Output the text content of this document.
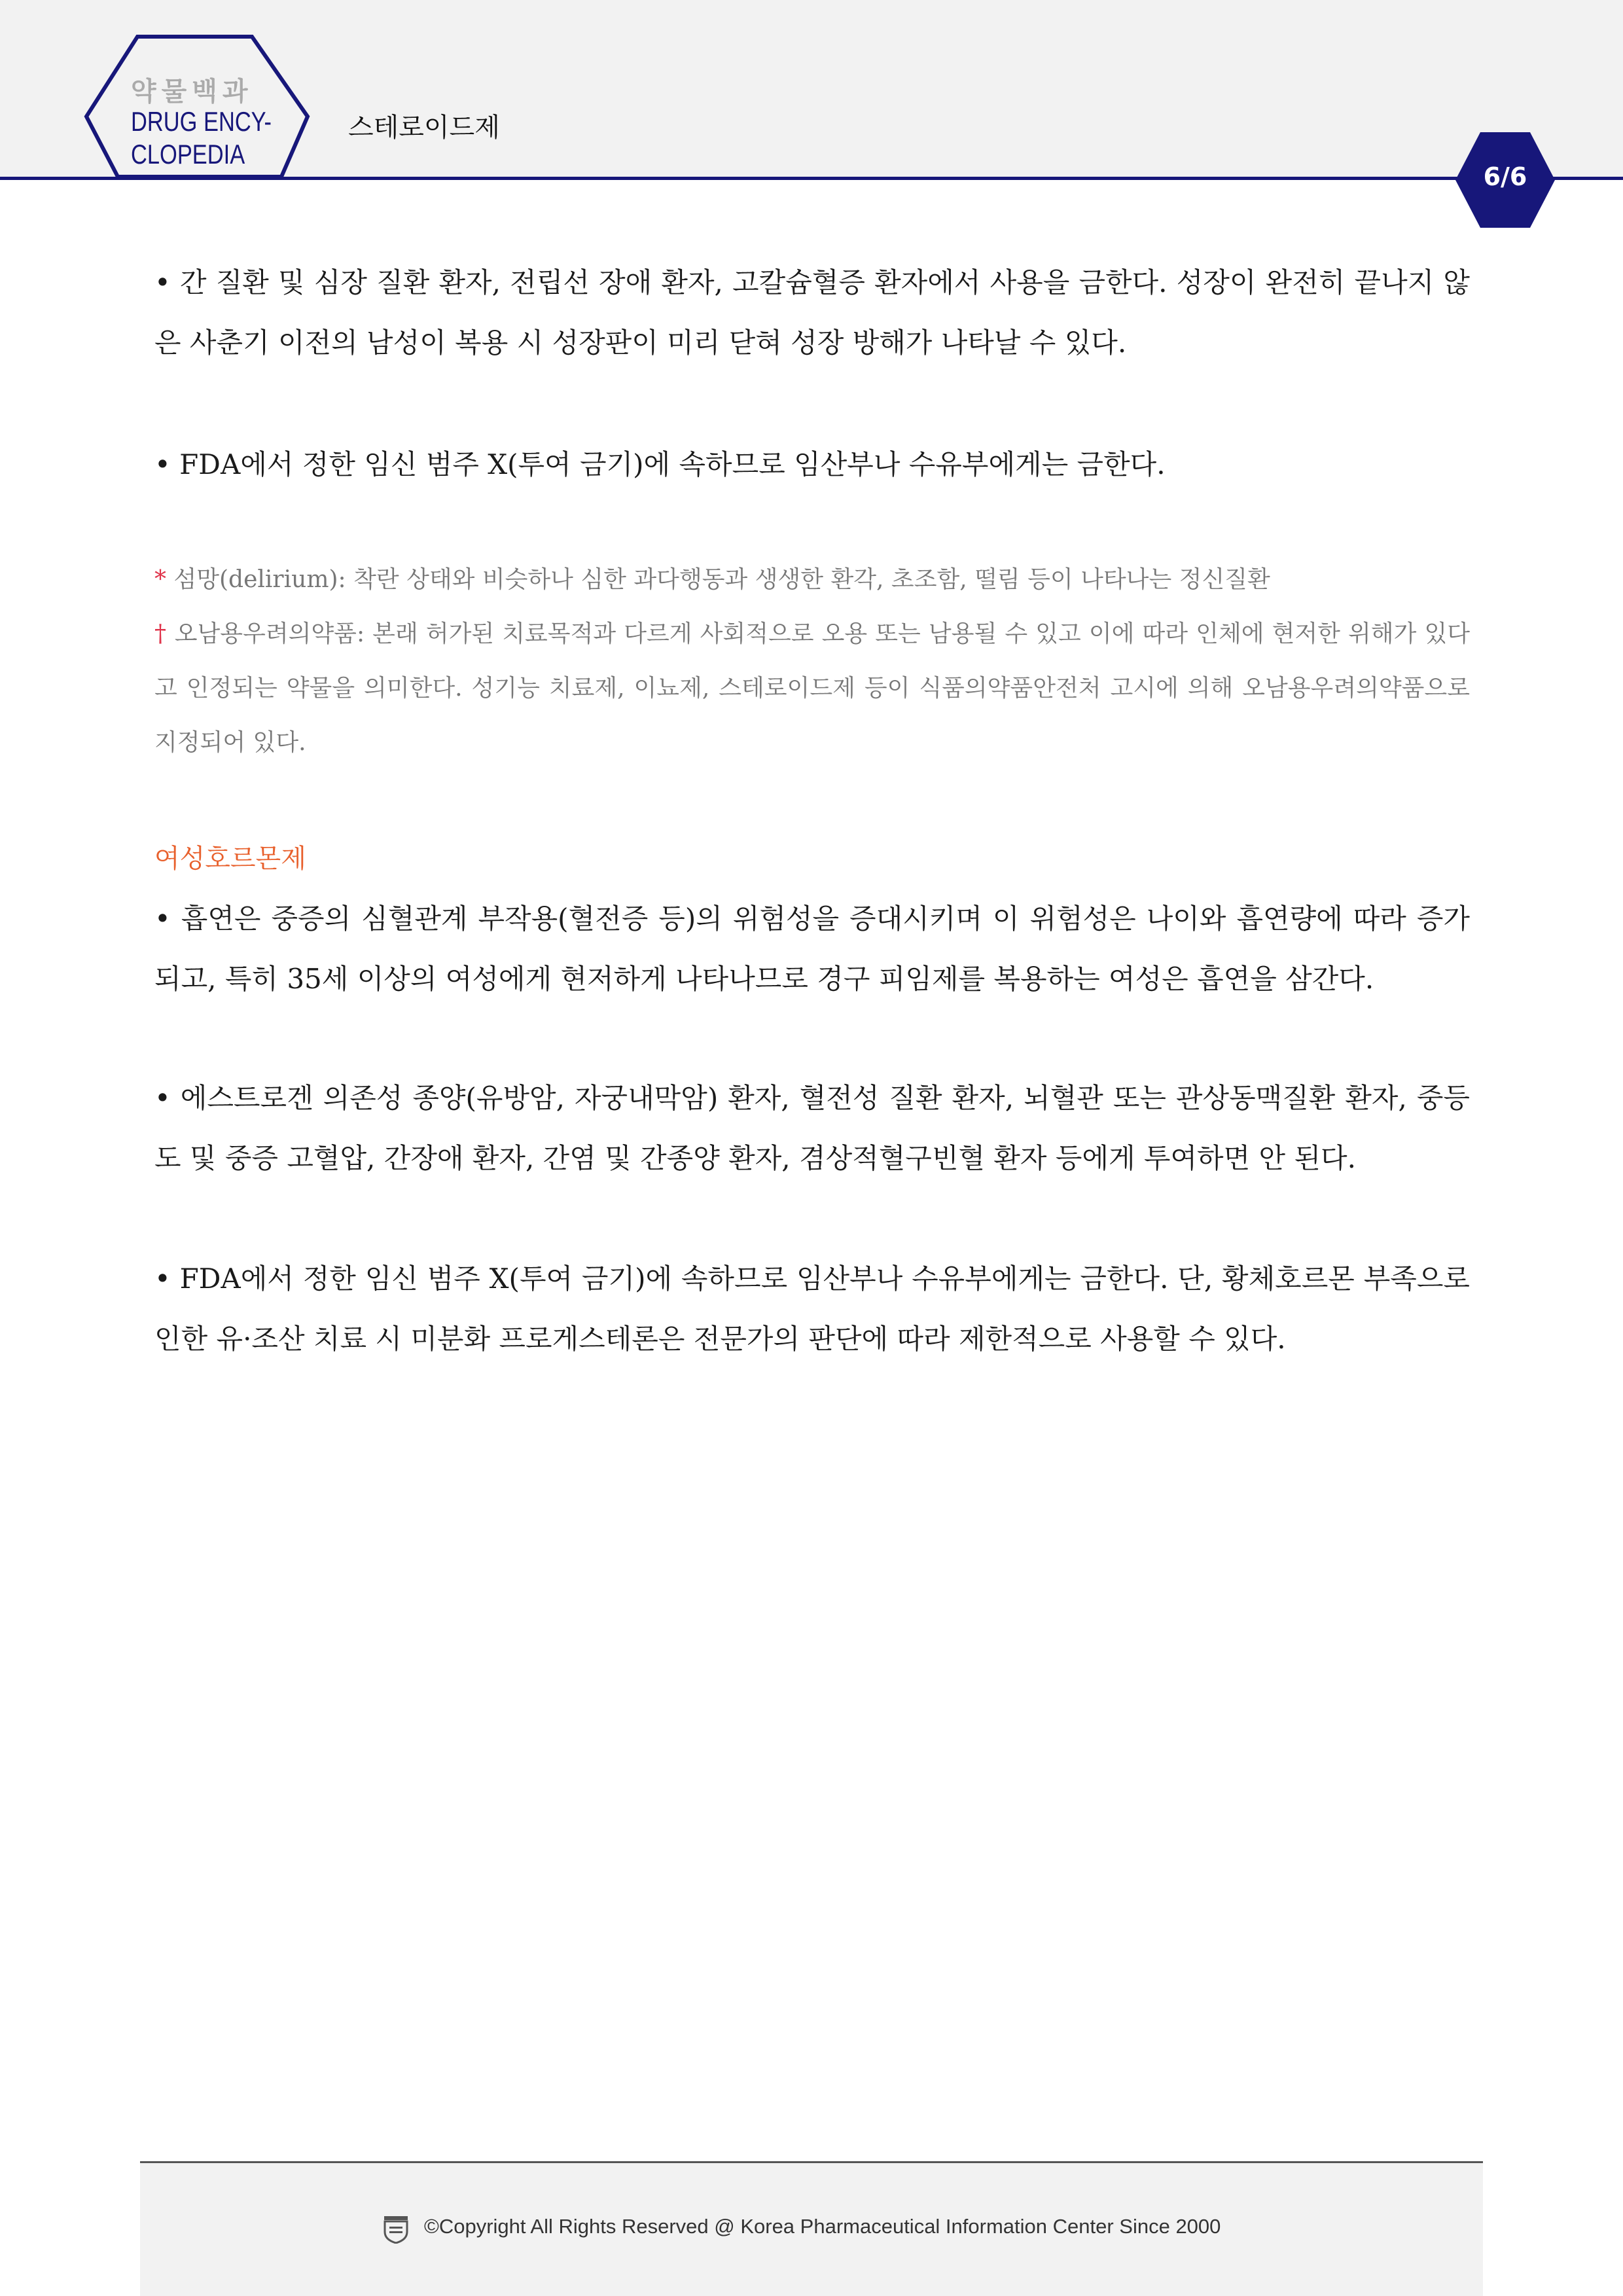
약물백과
DRUG ENCY-
CLOPEDIA
스테로이드제
6/6
• 간 질환 및 심장 질환 환자, 전립선 장애 환자, 고칼슘혈증 환자에서 사용을 금한다. 성장이 완전히 끝나지 않은 사춘기 이전의 남성이 복용 시 성장판이 미리 닫혀 성장 방해가 나타날 수 있다.
• FDA에서 정한 임신 범주 X(투여 금기)에 속하므로 임산부나 수유부에게는 금한다.
* 섬망(delirium): 착란 상태와 비슷하나 심한 과다행동과 생생한 환각, 초조함, 떨림 등이 나타나는 정신질환
† 오남용우려의약품: 본래 허가된 치료목적과 다르게 사회적으로 오용 또는 남용될 수 있고 이에 따라 인체에 현저한 위해가 있다고 인정되는 약물을 의미한다. 성기능 치료제, 이뇨제, 스테로이드제 등이 식품의약품안전처 고시에 의해 오남용우려의약품으로 지정되어 있다.
여성호르몬제
• 흡연은 중증의 심혈관계 부작용(혈전증 등)의 위험성을 증대시키며 이 위험성은 나이와 흡연량에 따라 증가되고, 특히 35세 이상의 여성에게 현저하게 나타나므로 경구 피임제를 복용하는 여성은 흡연을 삼간다.
• 에스트로겐 의존성 종양(유방암, 자궁내막암) 환자, 혈전성 질환 환자, 뇌혈관 또는 관상동맥질환 환자, 중등도 및 중증 고혈압, 간장애 환자, 간염 및 간종양 환자, 겸상적혈구빈혈 환자 등에게 투여하면 안 된다.
• FDA에서 정한 임신 범주 X(투여 금기)에 속하므로 임산부나 수유부에게는 금한다. 단, 황체호르몬 부족으로 인한 유·조산 치료 시 미분화 프로게스테론은 전문가의 판단에 따라 제한적으로 사용할 수 있다.
©Copyright All Rights Reserved @ Korea Pharmaceutical Information Center Since 2000
